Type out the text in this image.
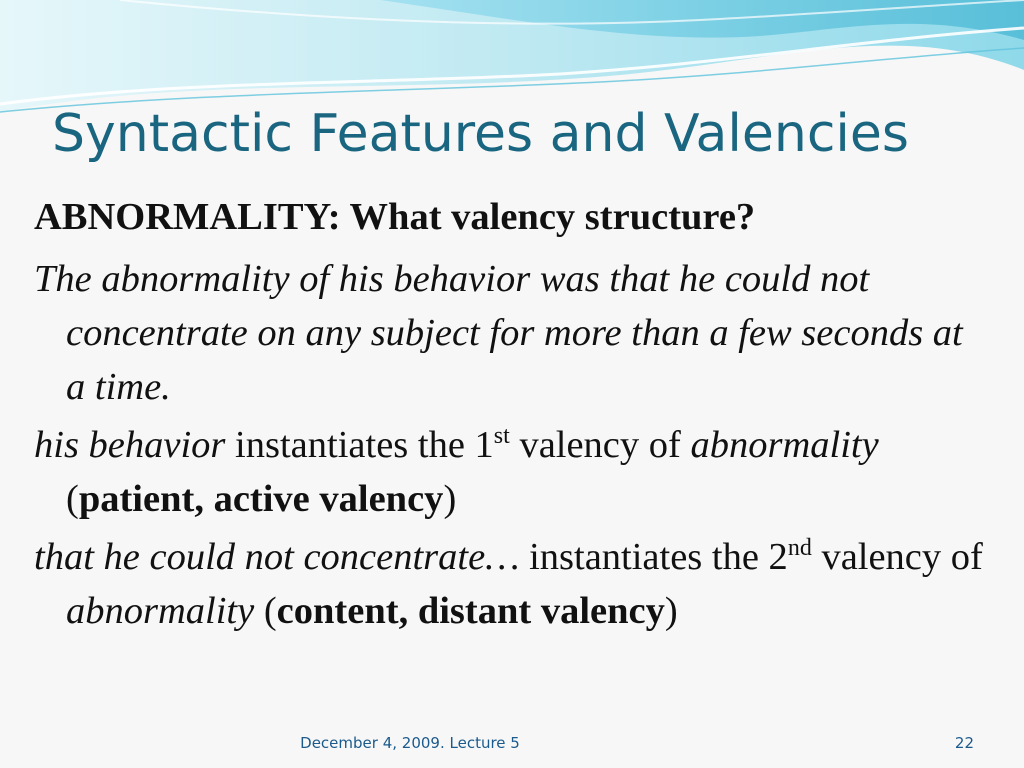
Syntactic Features and Valencies

ABNORMALITY: What valency structure?

The abnormality of his behavior was that he could not concentrate on any subject for more than a few seconds at a time.

his behavior instantiates the 1st valency of abnormality (patient, active valency)

that he could not concentrate… instantiates the 2nd valency of abnormality (content, distant valency)

December 4, 2009. Lecture 5	22
